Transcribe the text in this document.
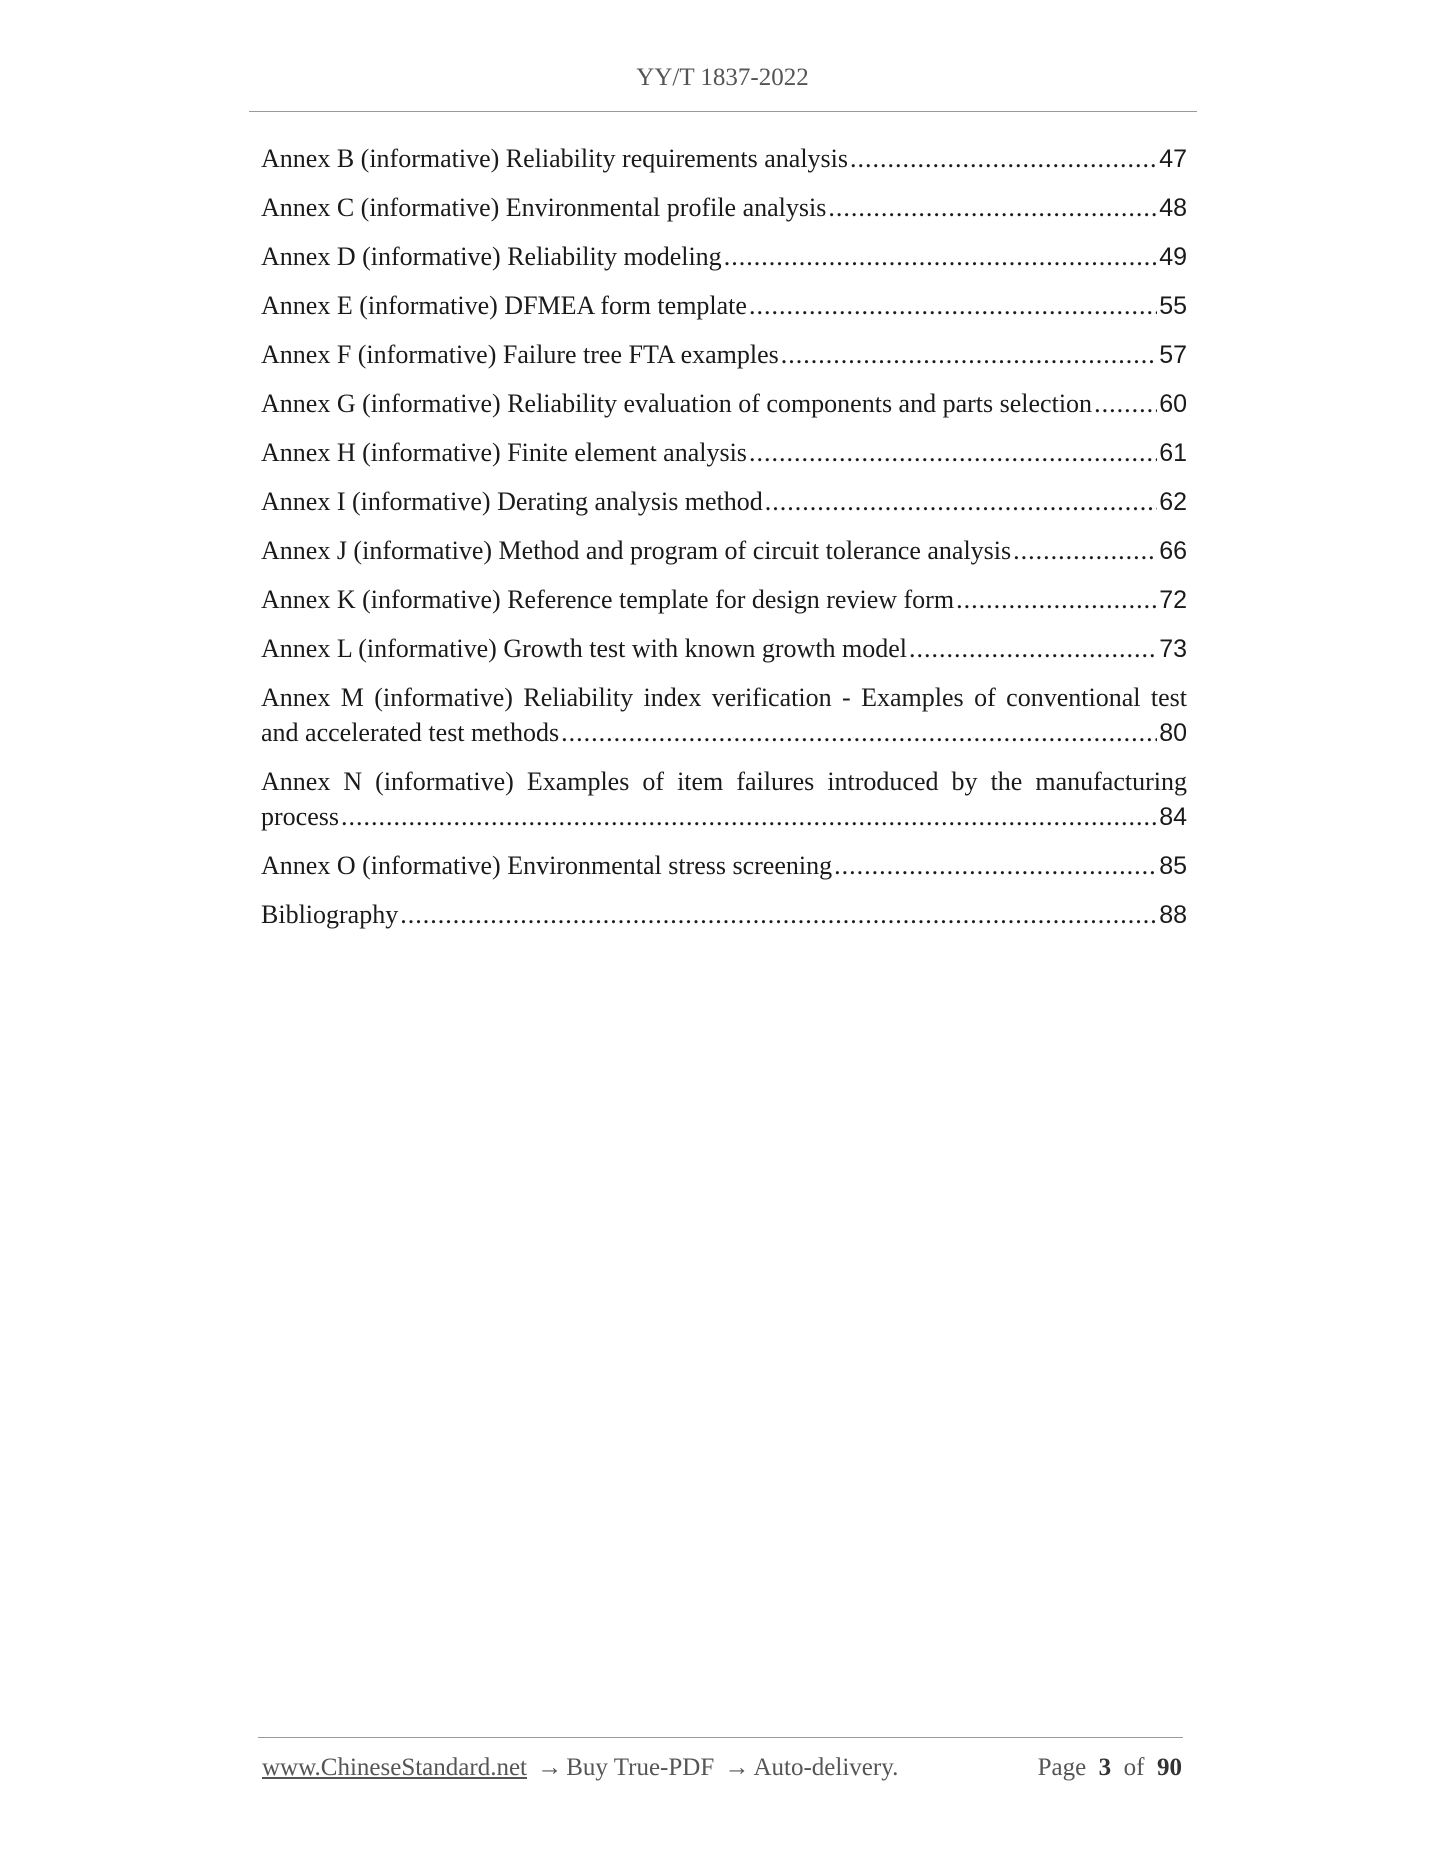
YY/T 1837-2022
Annex B (informative) Reliability requirements analysis .....	47
Annex C (informative) Environmental profile analysis .....	48
Annex D (informative) Reliability modeling .....	49
Annex E (informative) DFMEA form template .....	55
Annex F (informative) Failure tree FTA examples .....	57
Annex G (informative) Reliability evaluation of components and parts selection .....	60
Annex H (informative) Finite element analysis .....	61
Annex I (informative) Derating analysis method .....	62
Annex J (informative) Method and program of circuit tolerance analysis .....	66
Annex K (informative) Reference template for design review form .....	72
Annex L (informative) Growth test with known growth model .....	73
Annex M (informative) Reliability index verification - Examples of conventional test
and accelerated test methods .....	80
Annex N (informative) Examples of item failures introduced by the manufacturing
process .....	84
Annex O (informative) Environmental stress screening .....	85
Bibliography .....	88
www.ChineseStandard.net → Buy True-PDF → Auto-delivery.	Page 3 of 90
